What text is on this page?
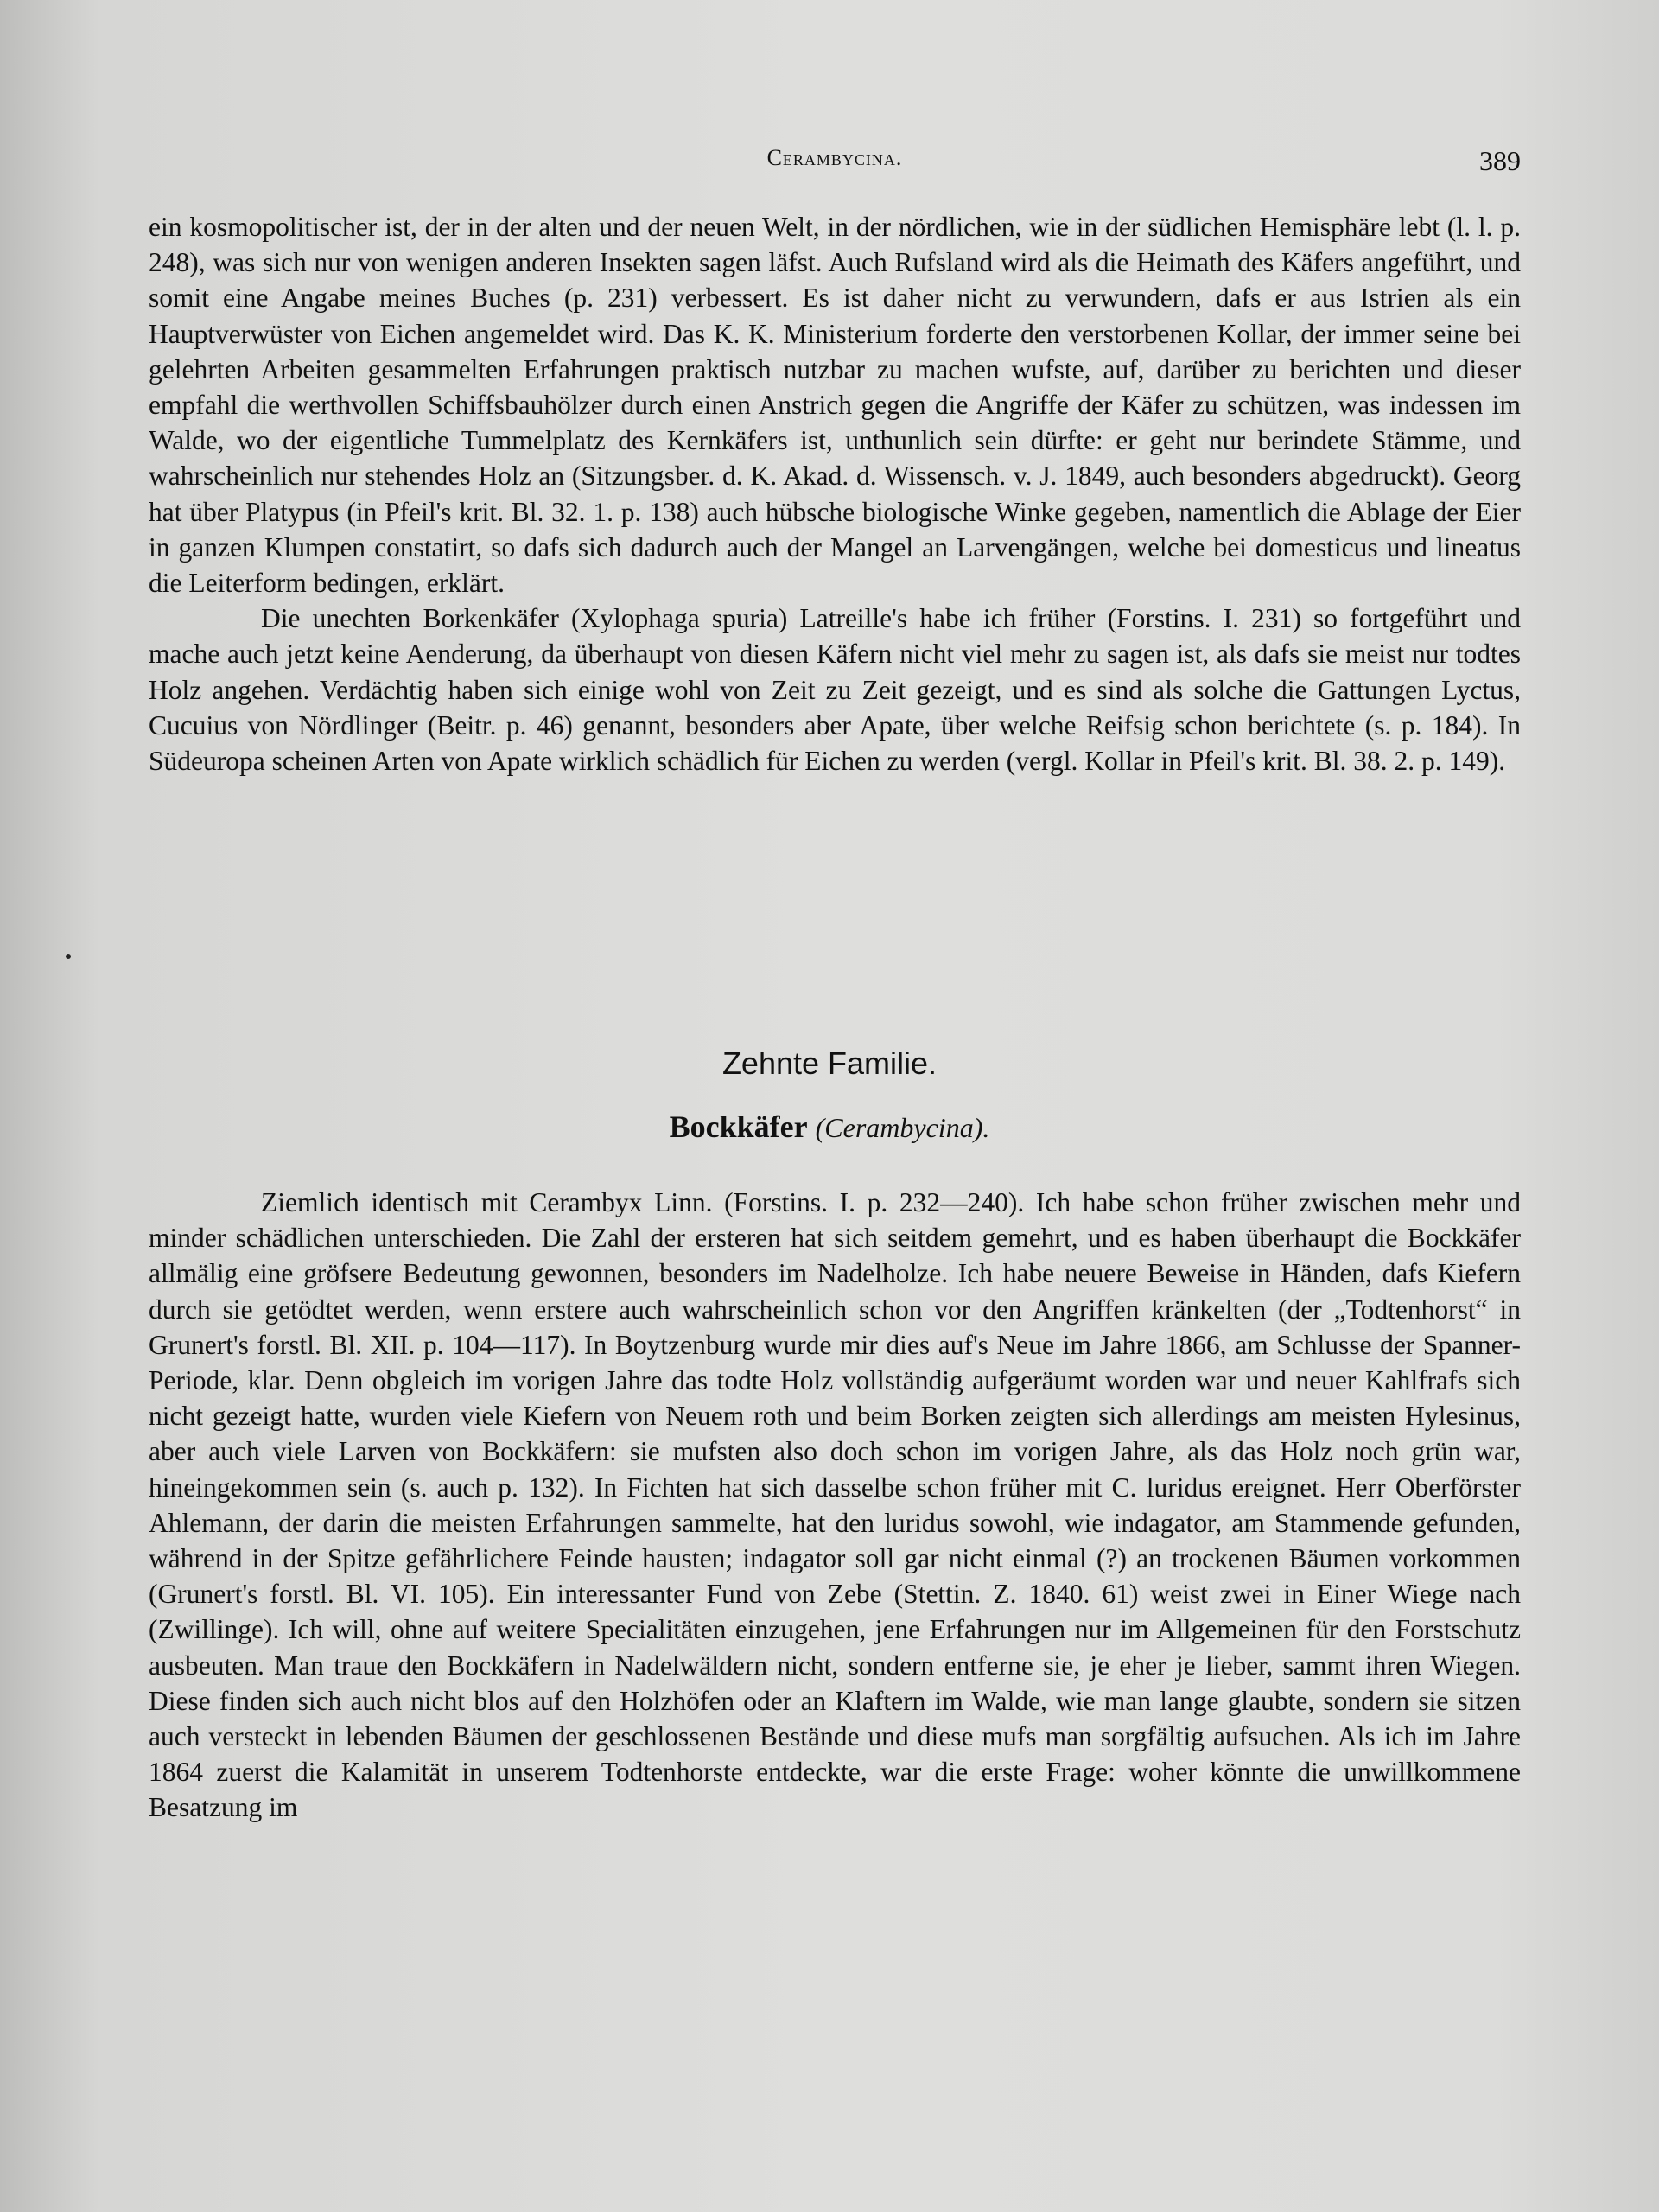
Cerambycina.	389

ein kosmopolitischer ist, der in der alten und der neuen Welt, in der nördlichen, wie in der südlichen Hemisphäre lebt (l. l. p. 248), was sich nur von wenigen anderen Insekten sagen läfst. Auch Rufsland wird als die Heimath des Käfers angeführt, und somit eine Angabe meines Buches (p. 231) verbessert. Es ist daher nicht zu verwundern, dafs er aus Istrien als ein Hauptverwüster von Eichen angemeldet wird. Das K. K. Ministerium forderte den verstorbenen Kollar, der immer seine bei gelehrten Arbeiten gesammelten Erfahrungen praktisch nutzbar zu machen wufste, auf, darüber zu berichten und dieser empfahl die werthvollen Schiffsbauhölzer durch einen Anstrich gegen die Angriffe der Käfer zu schützen, was indessen im Walde, wo der eigentliche Tummelplatz des Kernkäfers ist, unthunlich sein dürfte: er geht nur berindete Stämme, und wahrscheinlich nur stehendes Holz an (Sitzungsber. d. K. Akad. d. Wissensch. v. J. 1849, auch besonders abgedruckt). Georg hat über Platypus (in Pfeil's krit. Bl. 32. 1. p. 138) auch hübsche biologische Winke gegeben, namentlich die Ablage der Eier in ganzen Klumpen constatirt, so dafs sich dadurch auch der Mangel an Larvengängen, welche bei domesticus und lineatus die Leiterform bedingen, erklärt.

Die unechten Borkenkäfer (Xylophaga spuria) Latreille's habe ich früher (Forstins. I. 231) so fortgeführt und mache auch jetzt keine Aenderung, da überhaupt von diesen Käfern nicht viel mehr zu sagen ist, als dafs sie meist nur todtes Holz angehen. Verdächtig haben sich einige wohl von Zeit zu Zeit gezeigt, und es sind als solche die Gattungen Lyctus, Cucuius von Nördlinger (Beitr. p. 46) genannt, besonders aber Apate, über welche Reifsig schon berichtete (s. p. 184). In Südeuropa scheinen Arten von Apate wirklich schädlich für Eichen zu werden (vergl. Kollar in Pfeil's krit. Bl. 38. 2. p. 149).

Zehnte Familie.
Bockkäfer (Cerambycina).

Ziemlich identisch mit Cerambyx Linn. (Forstins. I. p. 232—240). Ich habe schon früher zwischen mehr und minder schädlichen unterschieden. Die Zahl der ersteren hat sich seitdem gemehrt, und es haben überhaupt die Bockkäfer allmälig eine gröfsere Bedeutung gewonnen, besonders im Nadelholze. Ich habe neuere Beweise in Händen, dafs Kiefern durch sie getödtet werden, wenn erstere auch wahrscheinlich schon vor den Angriffen kränkelten (der „Todtenhorst“ in Grunert's forstl. Bl. XII. p. 104—117). In Boytzenburg wurde mir dies auf's Neue im Jahre 1866, am Schlusse der Spanner-Periode, klar. Denn obgleich im vorigen Jahre das todte Holz vollständig aufgeräumt worden war und neuer Kahlfrafs sich nicht gezeigt hatte, wurden viele Kiefern von Neuem roth und beim Borken zeigten sich allerdings am meisten Hylesinus, aber auch viele Larven von Bockkäfern: sie mufsten also doch schon im vorigen Jahre, als das Holz noch grün war, hineingekommen sein (s. auch p. 132). In Fichten hat sich dasselbe schon früher mit C. luridus ereignet. Herr Oberförster Ahlemann, der darin die meisten Erfahrungen sammelte, hat den luridus sowohl, wie indagator, am Stammende gefunden, während in der Spitze gefährlichere Feinde hausten; indagator soll gar nicht einmal (?) an trockenen Bäumen vorkommen (Grunert's forstl. Bl. VI. 105). Ein interessanter Fund von Zebe (Stettin. Z. 1840. 61) weist zwei in Einer Wiege nach (Zwillinge). Ich will, ohne auf weitere Specialitäten einzugehen, jene Erfahrungen nur im Allgemeinen für den Forstschutz ausbeuten. Man traue den Bockkäfern in Nadelwäldern nicht, sondern entferne sie, je eher je lieber, sammt ihren Wiegen. Diese finden sich auch nicht blos auf den Holzhöfen oder an Klaftern im Walde, wie man lange glaubte, sondern sie sitzen auch versteckt in lebenden Bäumen der geschlossenen Bestände und diese mufs man sorgfältig aufsuchen. Als ich im Jahre 1864 zuerst die Kalamität in unserem Todtenhorste entdeckte, war die erste Frage: woher könnte die unwillkommene Besatzung im
